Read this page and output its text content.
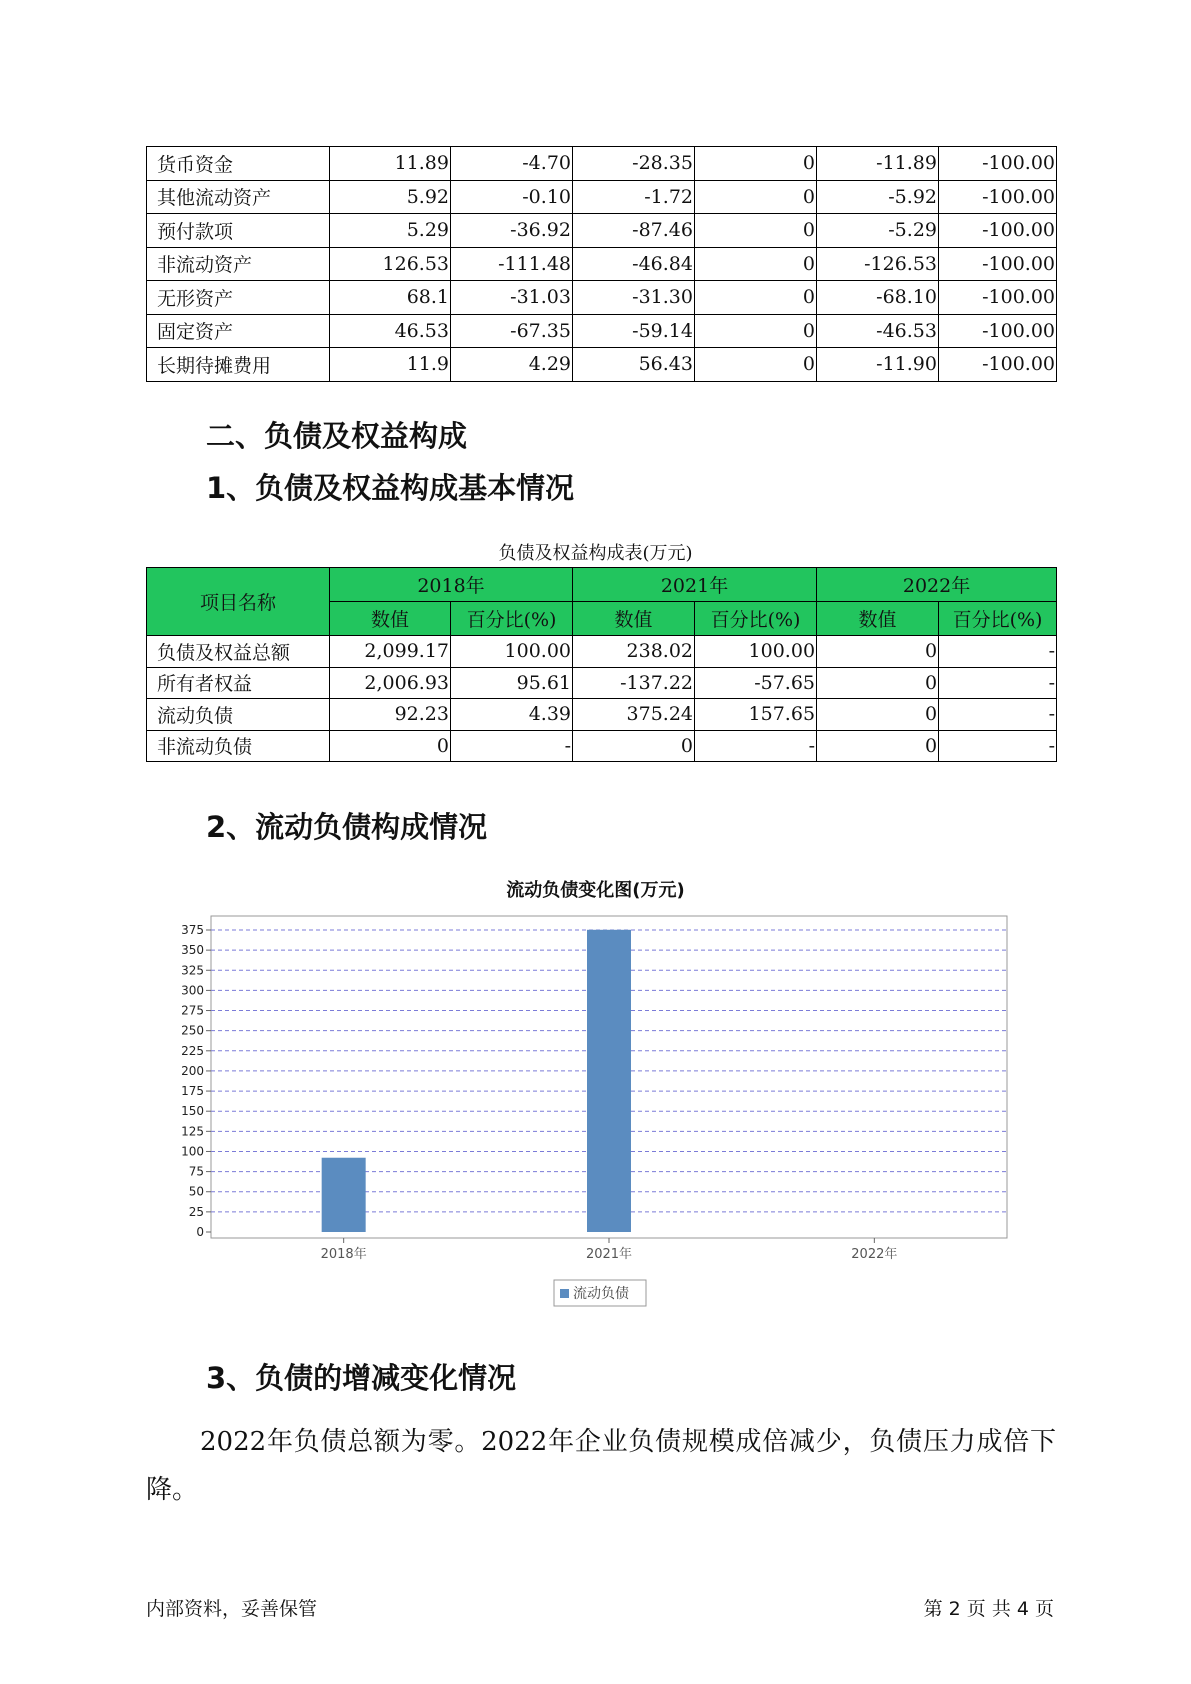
货币资金	11.89	-4.70	-28.35	0	-11.89	-100.00
其他流动资产	5.92	-0.10	-1.72	0	-5.92	-100.00
预付款项	5.29	-36.92	-87.46	0	-5.29	-100.00
非流动资产	126.53	-111.48	-46.84	0	-126.53	-100.00
无形资产	68.1	-31.03	-31.30	0	-68.10	-100.00
固定资产	46.53	-67.35	-59.14	0	-46.53	-100.00
长期待摊费用	11.9	4.29	56.43	0	-11.90	-100.00
二、负债及权益构成
1、负债及权益构成基本情况
负债及权益构成表(万元)
项目名称	2018年		2021年		2022年	
	数值	百分比(%)	数值	百分比(%)	数值	百分比(%)
负债及权益总额	2,099.17	100.00	238.02	100.00	0	-
所有者权益	2,006.93	95.61	-137.22	-57.65	0	-
流动负债	92.23	4.39	375.24	157.65	0	-
非流动负债	0	-	0	-	0	-
2、流动负债构成情况
流动负债变化图(万元)
0
25
50
75
100
125
150
175
200
225
250
275
300
325
350
375
2018年	2021年	2022年
流动负债
3、负债的增减变化情况

2022年负债总额为零。2022年企业负债规模成倍减少，负债压力成倍下降。

内部资料，妥善保管	第 2 页 共 4 页
